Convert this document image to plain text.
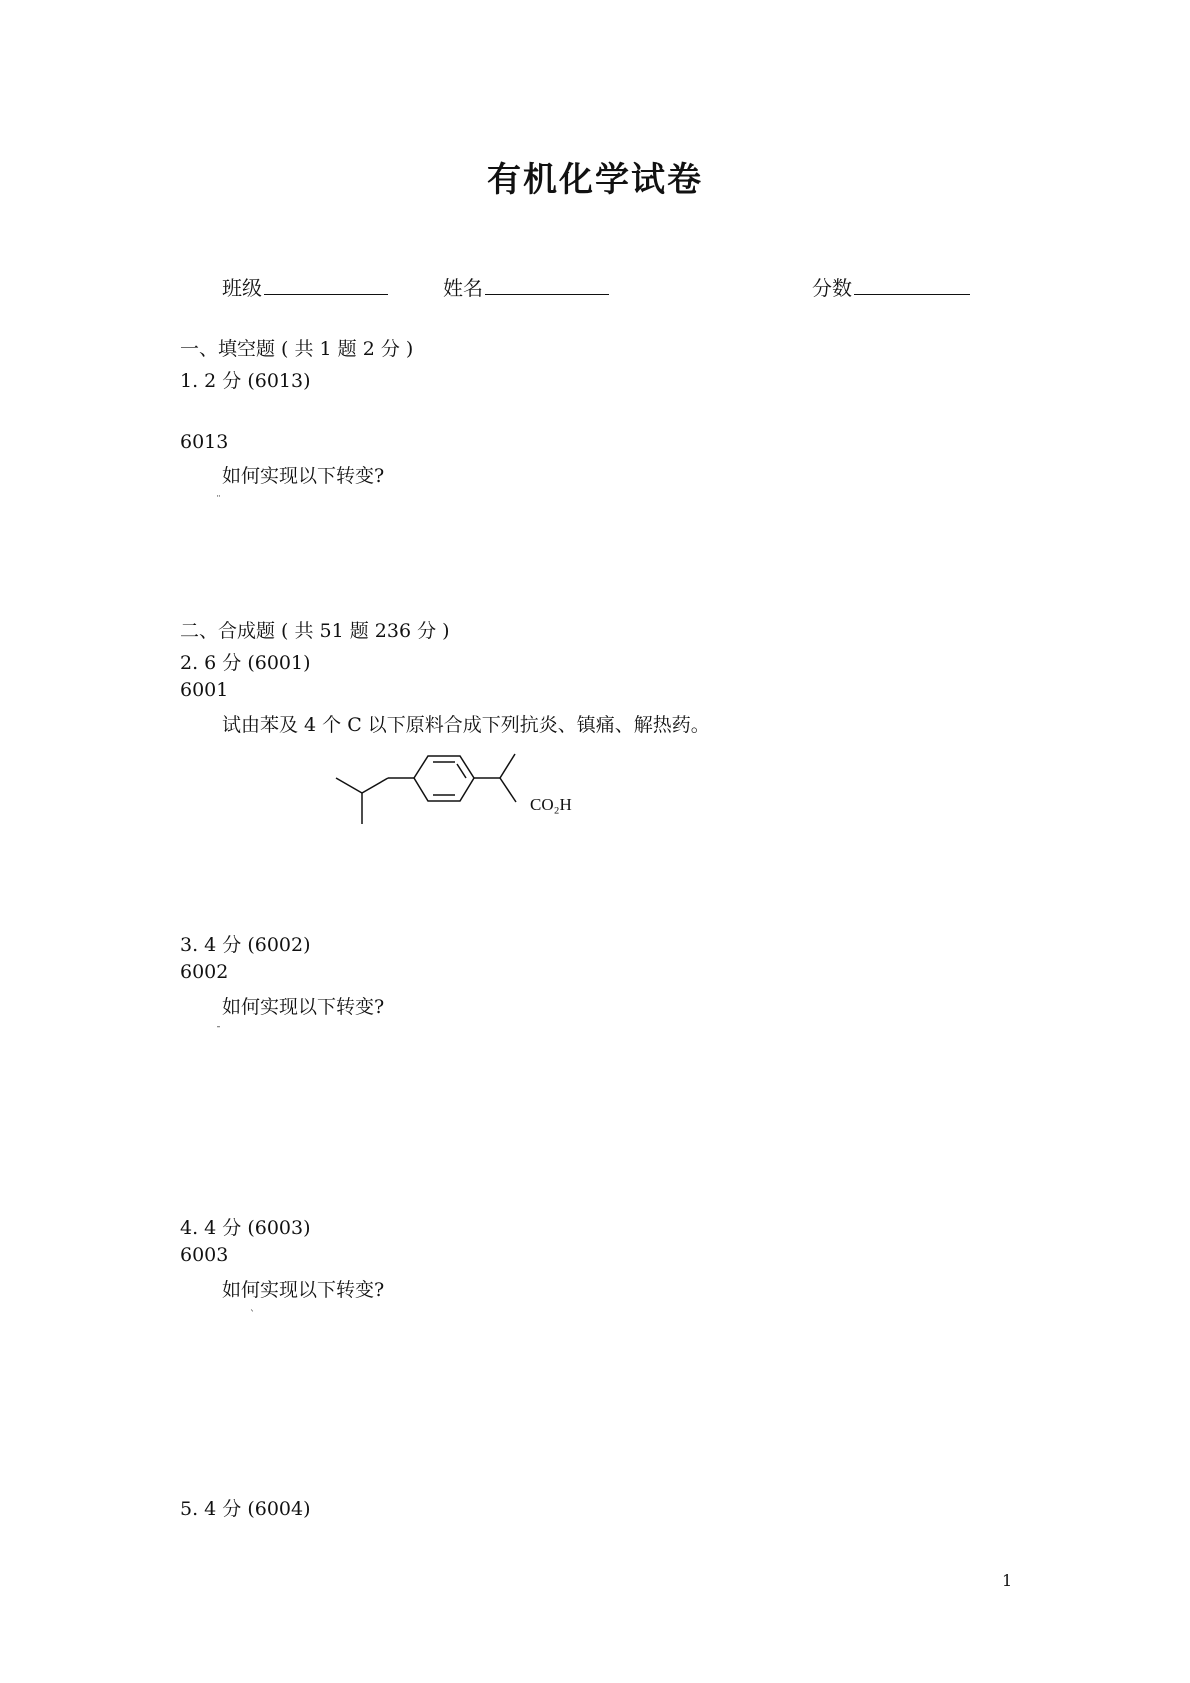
有机化学试卷
班级	姓名	分数
一、填空题 ( 共 1 题 2 分 )
1. 2 分 (6013)
6013
如何实现以下转变?
¨
二、合成题 ( 共 51 题 236 分 )
2. 6 分 (6001)
6001
试由苯及 4 个 C 以下原料合成下列抗炎、镇痛、解热药。
CO₂H
3. 4 分 (6002)
6002
如何实现以下转变?
ˉ
4. 4 分 (6003)
6003
如何实现以下转变?
ˋ
5. 4 分 (6004)
1
